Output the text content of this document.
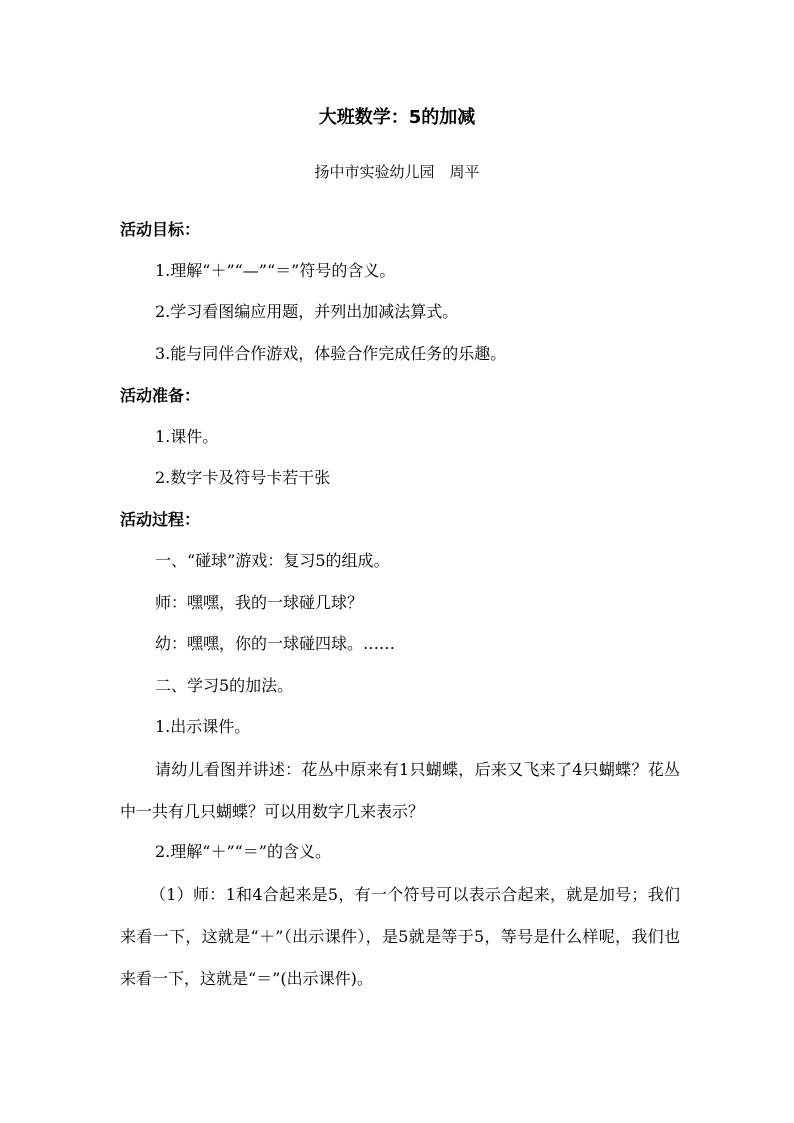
大班数学：5的加减
扬中市实验幼儿园　周平
活动目标：
1.理解“＋”“—”“＝”符号的含义。
2.学习看图编应用题，并列出加减法算式。
3.能与同伴合作游戏，体验合作完成任务的乐趣。
活动准备：
1.课件。
2.数字卡及符号卡若干张
活动过程：
一、“碰球”游戏：复习5的组成。
师：嘿嘿，我的一球碰几球？
幼：嘿嘿，你的一球碰四球。……
二、学习5的加法。
1.出示课件。
请幼儿看图并讲述：花丛中原来有1只蝴蝶，后来又飞来了4只蝴蝶？花丛中一共有几只蝴蝶？可以用数字几来表示？
2.理解“＋”“＝”的含义。
（1）师：1和4合起来是5，有一个符号可以表示合起来，就是加号；我们来看一下，这就是“＋”（出示课件），是5就是等于5，等号是什么样呢，我们也来看一下，这就是“＝”(出示课件)。
